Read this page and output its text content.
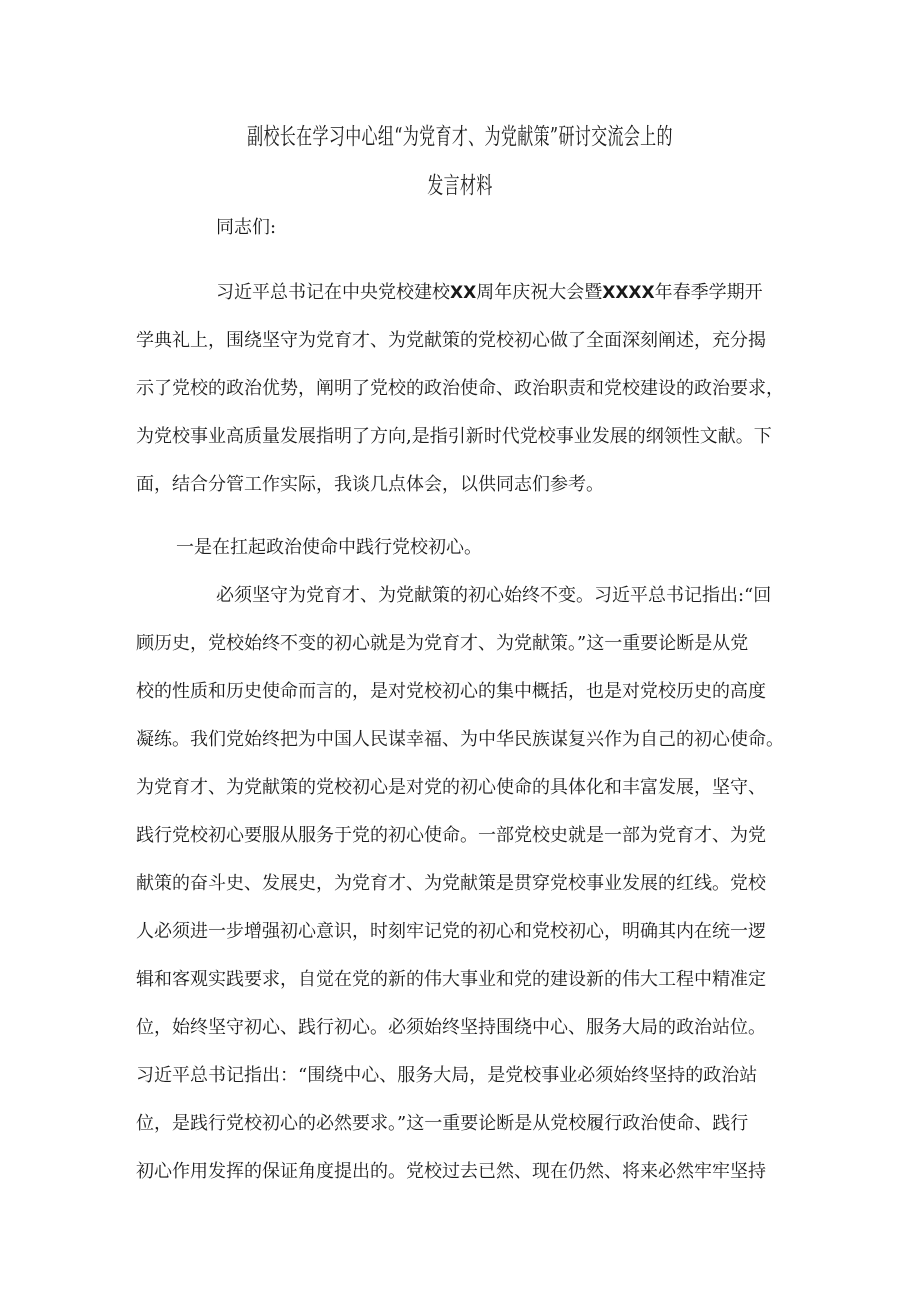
副校长在学习中心组“为党育才、为党献策”研讨交流会上的
发言材料
同志们:
习近平总书记在中央党校建校XX周年庆祝大会暨XXXX年春季学期开
学典礼上，围绕坚守为党育才、为党献策的党校初心做了全面深刻阐述，充分揭
示了党校的政治优势，阐明了党校的政治使命、政治职责和党校建设的政治要求，
为党校事业高质量发展指明了方向,是指引新时代党校事业发展的纲领性文献。下
面，结合分管工作实际，我谈几点体会，以供同志们参考。
一是在扛起政治使命中践行党校初心。
必须坚守为党育才、为党献策的初心始终不变。习近平总书记指出:“回
顾历史，党校始终不变的初心就是为党育才、为党献策。”这一重要论断是从党
校的性质和历史使命而言的，是对党校初心的集中概括，也是对党校历史的高度
凝练。我们党始终把为中国人民谋幸福、为中华民族谋复兴作为自己的初心使命。
为党育才、为党献策的党校初心是对党的初心使命的具体化和丰富发展，坚守、
践行党校初心要服从服务于党的初心使命。一部党校史就是一部为党育才、为党
献策的奋斗史、发展史，为党育才、为党献策是贯穿党校事业发展的红线。党校
人必须进一步增强初心意识，时刻牢记党的初心和党校初心，明确其内在统一逻
辑和客观实践要求，自觉在党的新的伟大事业和党的建设新的伟大工程中精准定
位，始终坚守初心、践行初心。必须始终坚持围绕中心、服务大局的政治站位。
习近平总书记指出：“围绕中心、服务大局，是党校事业必须始终坚持的政治站
位，是践行党校初心的必然要求。”这一重要论断是从党校履行政治使命、践行
初心作用发挥的保证角度提出的。党校过去已然、现在仍然、将来必然牢牢坚持
